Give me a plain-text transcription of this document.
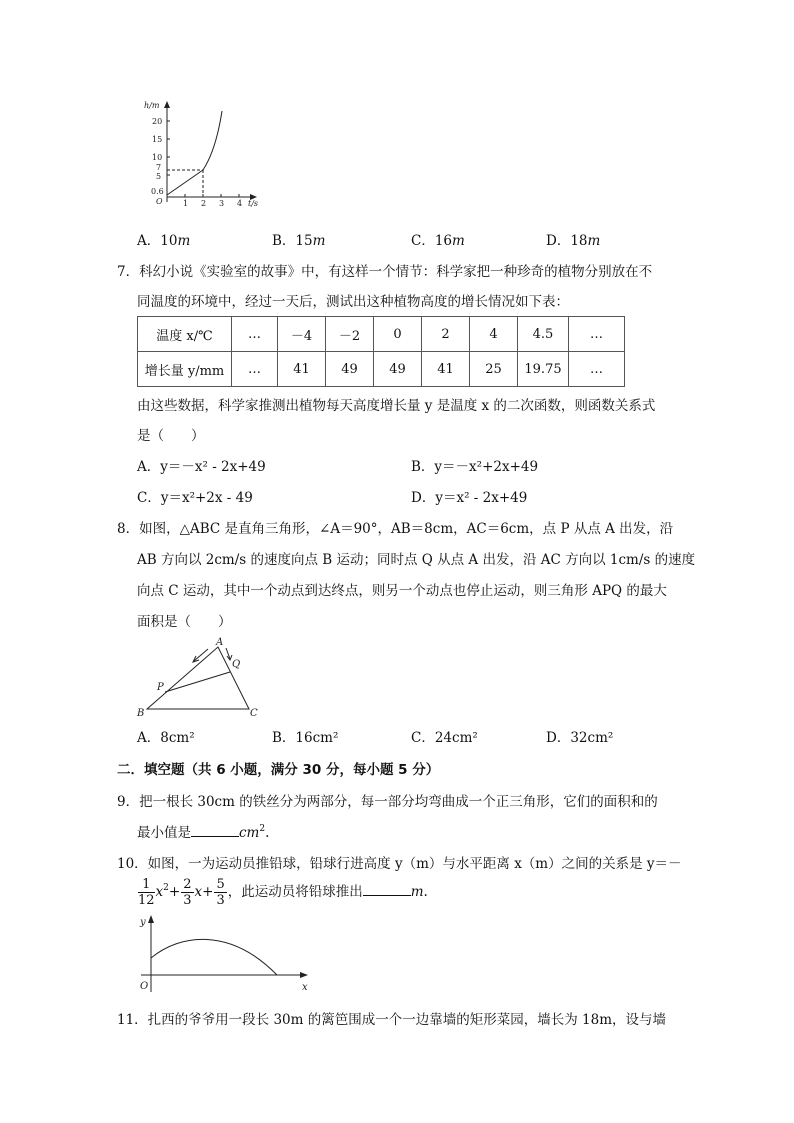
h/m
20
15
10
7
5
0.6
O	1 2 3 4 t/s
A．10m	B．15m	C．16m	D．18m
7．科幻小说《实验室的故事》中，有这样一个情节：科学家把一种珍奇的植物分别放在不
同温度的环境中，经过一天后，测试出这种植物高度的增长情况如下表：
温度 x/℃	…	－4	－2	0	2	4	4.5	…
增长量 y/mm	…	41	49	49	41	25	19.75	…
由这些数据，科学家推测出植物每天高度增长量 y 是温度 x 的二次函数，则函数关系式
是（　　）
A．y＝－x² - 2x+49	B．y＝－x²+2x+49
C．y＝x²+2x - 49	D．y＝x² - 2x+49
8．如图，△ABC 是直角三角形，∠A＝90°，AB＝8cm，AC＝6cm，点 P 从点 A 出发，沿
AB 方向以 2cm/s 的速度向点 B 运动；同时点 Q 从点 A 出发，沿 AC 方向以 1cm/s 的速度
向点 C 运动，其中一个动点到达终点，则另一个动点也停止运动，则三角形 APQ 的最大
面积是（　　）
A
B	C
P
Q
A．8cm²	B．16cm²	C．24cm²	D．32cm²
二．填空题（共 6 小题，满分 30 分，每小题 5 分）
9．把一根长 30cm 的铁丝分为两部分，每一部分均弯曲成一个正三角形，它们的面积和的
最小值是	$cm^2$.
10．如图，一为运动员推铅球，铅球行进高度 y（m）与水平距离 x（m）之间的关系是 y＝－
$\frac{1}{12} x^2+ \frac{2}{3} x+ \frac{5}{3}$ ，此运动员将铅球推出	m.
y
x
O
11．扎西的爷爷用一段长 30m 的篱笆围成一个一边靠墙的矩形菜园，墙长为 18m，设与墙
